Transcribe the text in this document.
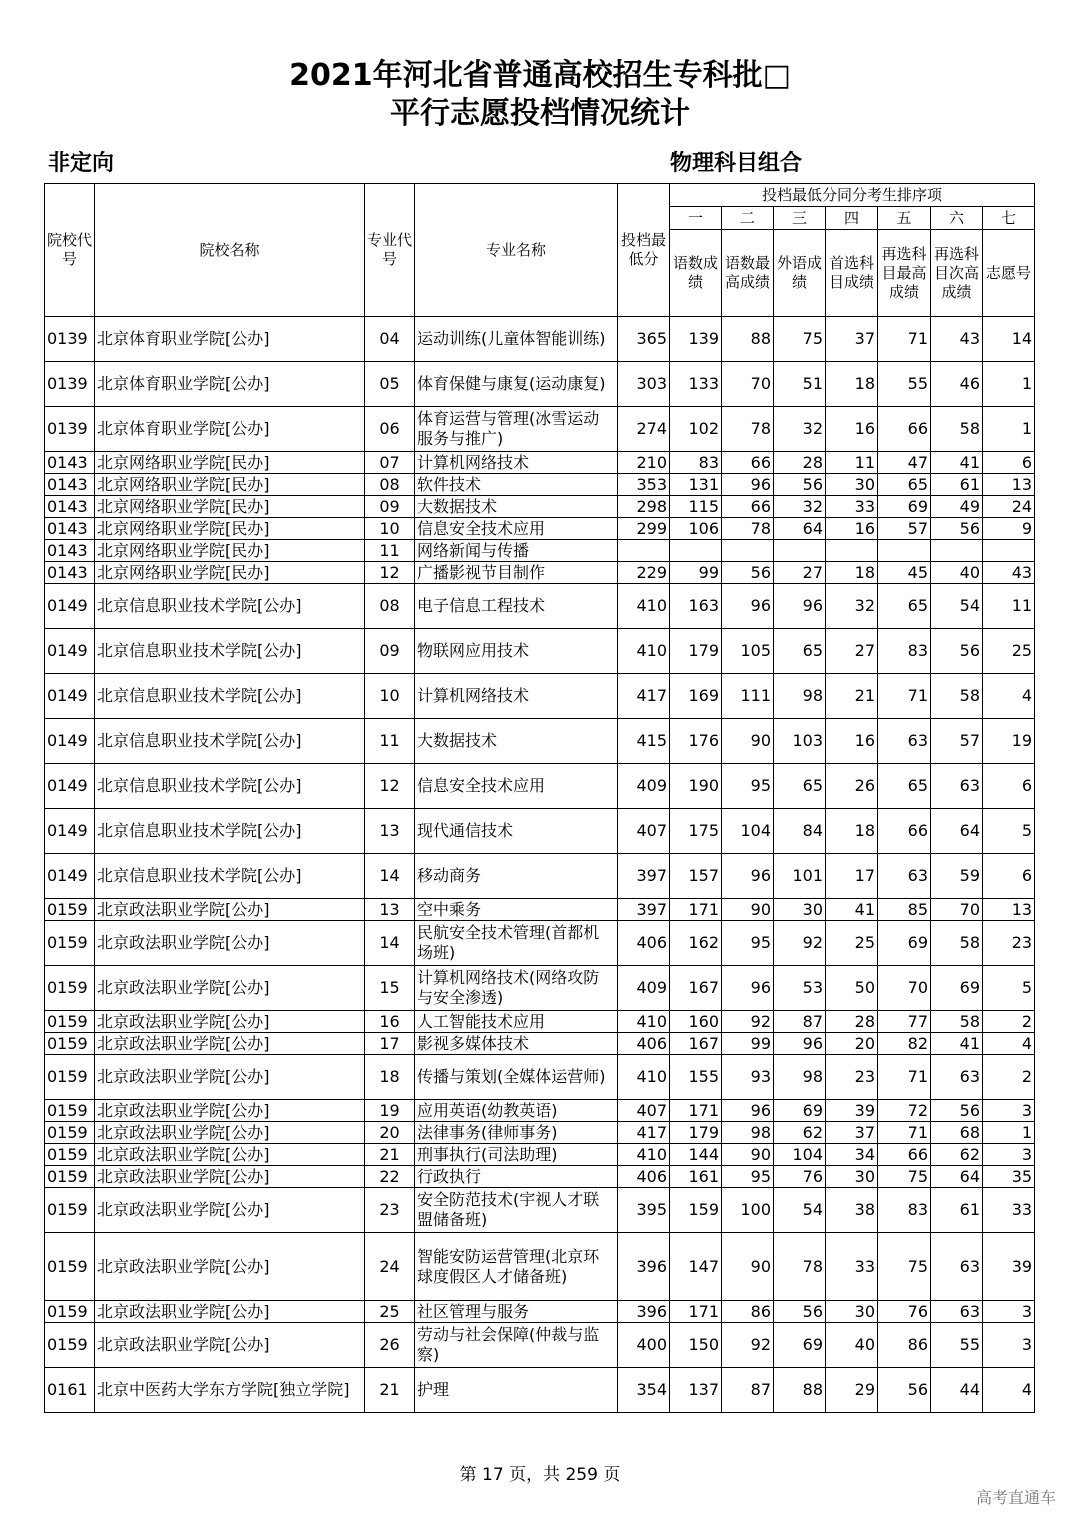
2021年河北省普通高校招生专科批□
平行志愿投档情况统计
非定向	物理科目组合
院校代号	院校名称	专业代号	专业名称	投档最低分	投档最低分同分考生排序项						
					一	二	三	四	五	六	七
					语数成绩	语数最高成绩	外语成绩	首选科目成绩	再选科目最高成绩	再选科目次高成绩	志愿号
0139	北京体育职业学院[公办]	04	运动训练(儿童体智能训练)	365	139	88	75	37	71	43	14
0139	北京体育职业学院[公办]	05	体育保健与康复(运动康复)	303	133	70	51	18	55	46	1
0139	北京体育职业学院[公办]	06	体育运营与管理(冰雪运动服务与推广)	274	102	78	32	16	66	58	1
0143	北京网络职业学院[民办]	07	计算机网络技术	210	83	66	28	11	47	41	6
0143	北京网络职业学院[民办]	08	软件技术	353	131	96	56	30	65	61	13
0143	北京网络职业学院[民办]	09	大数据技术	298	115	66	32	33	69	49	24
0143	北京网络职业学院[民办]	10	信息安全技术应用	299	106	78	64	16	57	56	9
0143	北京网络职业学院[民办]	11	网络新闻与传播								
0143	北京网络职业学院[民办]	12	广播影视节目制作	229	99	56	27	18	45	40	43
0149	北京信息职业技术学院[公办]	08	电子信息工程技术	410	163	96	96	32	65	54	11
0149	北京信息职业技术学院[公办]	09	物联网应用技术	410	179	105	65	27	83	56	25
0149	北京信息职业技术学院[公办]	10	计算机网络技术	417	169	111	98	21	71	58	4
0149	北京信息职业技术学院[公办]	11	大数据技术	415	176	90	103	16	63	57	19
0149	北京信息职业技术学院[公办]	12	信息安全技术应用	409	190	95	65	26	65	63	6
0149	北京信息职业技术学院[公办]	13	现代通信技术	407	175	104	84	18	66	64	5
0149	北京信息职业技术学院[公办]	14	移动商务	397	157	96	101	17	63	59	6
0159	北京政法职业学院[公办]	13	空中乘务	397	171	90	30	41	85	70	13
0159	北京政法职业学院[公办]	14	民航安全技术管理(首都机场班)	406	162	95	92	25	69	58	23
0159	北京政法职业学院[公办]	15	计算机网络技术(网络攻防与安全渗透)	409	167	96	53	50	70	69	5
0159	北京政法职业学院[公办]	16	人工智能技术应用	410	160	92	87	28	77	58	2
0159	北京政法职业学院[公办]	17	影视多媒体技术	406	167	99	96	20	82	41	4
0159	北京政法职业学院[公办]	18	传播与策划(全媒体运营师)	410	155	93	98	23	71	63	2
0159	北京政法职业学院[公办]	19	应用英语(幼教英语)	407	171	96	69	39	72	56	3
0159	北京政法职业学院[公办]	20	法律事务(律师事务)	417	179	98	62	37	71	68	1
0159	北京政法职业学院[公办]	21	刑事执行(司法助理)	410	144	90	104	34	66	62	3
0159	北京政法职业学院[公办]	22	行政执行	406	161	95	76	30	75	64	35
0159	北京政法职业学院[公办]	23	安全防范技术(宇视人才联盟储备班)	395	159	100	54	38	83	61	33
0159	北京政法职业学院[公办]	24	智能安防运营管理(北京环球度假区人才储备班)	396	147	90	78	33	75	63	39
0159	北京政法职业学院[公办]	25	社区管理与服务	396	171	86	56	30	76	63	3
0159	北京政法职业学院[公办]	26	劳动与社会保障(仲裁与监察)	400	150	92	69	40	86	55	3
0161	北京中医药大学东方学院[独立学院]	21	护理	354	137	87	88	29	56	44	4
第 17 页，共 259 页
高考直通车
